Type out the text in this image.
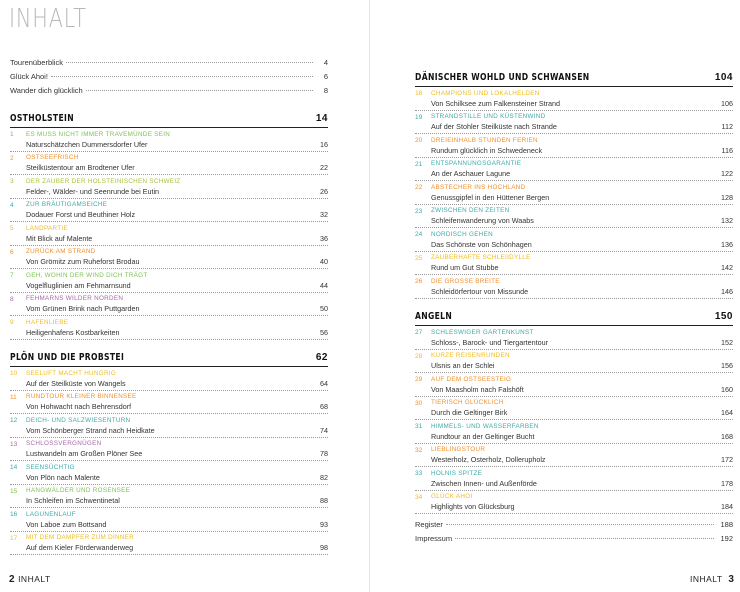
INHALT
Tourenüberblick	4
Glück Ahoi!	6
Wander dich glücklich	8
OSTHOLSTEIN	14
1	ES MUSS NICHT IMMER TRAVEMÜNDE SEIN
Naturschätzchen Dummersdorfer Ufer	16
2	OSTSEEFRISCH
Steilküstentour am Brodtener Ufer	22
3	DER ZAUBER DER HOLSTEINISCHEN SCHWEIZ
Felder-, Wälder- und Seenrunde bei Eutin	26
4	ZUR BRÄUTIGAMSEICHE
Dodauer Forst und Beuthiner Holz	32
5	LANDPARTIE
Mit Blick auf Malente	36
6	ZURÜCK AM STRAND
Von Grömitz zum Ruheforst Brodau	40
7	GEH, WOHIN DER WIND DICH TRÄGT
Vogelfluglinien am Fehmarnsund	44
8	FEHMARNS WILDER NORDEN
Vom Grünen Brink nach Puttgarden	50
9	HAFENLIEBE
Heiligenhafens Kostbarkeiten	56
PLÖN UND DIE PROBSTEI	62
10	SEELUFT MACHT HUNGRIG
Auf der Steilküste von Wangels	64
11	RUNDTOUR KLEINER BINNENSEE
Von Hohwacht nach Behrensdorf	68
12	DEICH- UND SALZWIESENTURN
Vom Schönberger Strand nach Heidkate	74
13	SCHLOSSVERGNÜGEN
Lustwandeln am Großen Plöner See	78
14	SEENSÜCHTIG
Von Plön nach Malente	82
15	HANGWÄLDER UND ROSENSEE
In Schleifen im Schwentinetal	88
16	LAGUNENLAUF
Von Laboe zum Bottsand	93
17	MIT DEM DAMPFER ZUM DINNER
Auf dem Kieler Förderwanderweg	98
2 INHALT	INHALT 3
DÄNISCHER WOHLD UND SCHWANSEN	104
18	CHAMPIONS UND LOKALHELDEN
Von Schilksee zum Falkensteiner Strand	106
19	STRANDSTILLE UND KÜSTENWIND
Auf der Stohler Steilküste nach Strande	112
20	DREIEINHALB STUNDEN FERIEN
Rundum glücklich in Schwedeneck	116
21	ENTSPANNUNGSGARANTIE
An der Aschauer Lagune	122
22	ABSTECHER INS HOCHLAND
Genussgipfel in den Hüttener Bergen	128
23	ZWISCHEN DEN ZEITEN
Schleifenwanderung von Waabs	132
24	NORDISCH GEHEN
Das Schönste von Schönhagen	136
25	ZAUBERHAFTE SCHLEIIDYLLE
Rund um Gut Stubbe	142
26	DIE GROSSE BREITE
Schleidörfertour von Missunde	146
ANGELN	150
27	SCHLESWIGER GARTENKUNST
Schloss-, Barock- und Tiergartentour	152
28	KURZE REISENRUNDEN
Ulsnis an der Schlei	156
29	AUF DEM OSTSEESTEIG
Von Maasholm nach Falshöft	160
30	TIERISCH GLÜCKLICH
Durch die Geltinger Birk	164
31	HIMMELS- UND WASSERFARBEN
Rundtour an der Geltinger Bucht	168
32	LIEBLINGSTOUR
Westerholz, Osterholz, Dollerupholz	172
33	HOLNIS SPITZE
Zwischen Innen- und Außenförde	178
34	GLÜCK AHOI
Highlights von Glücksburg	184
Register	188
Impressum	192
